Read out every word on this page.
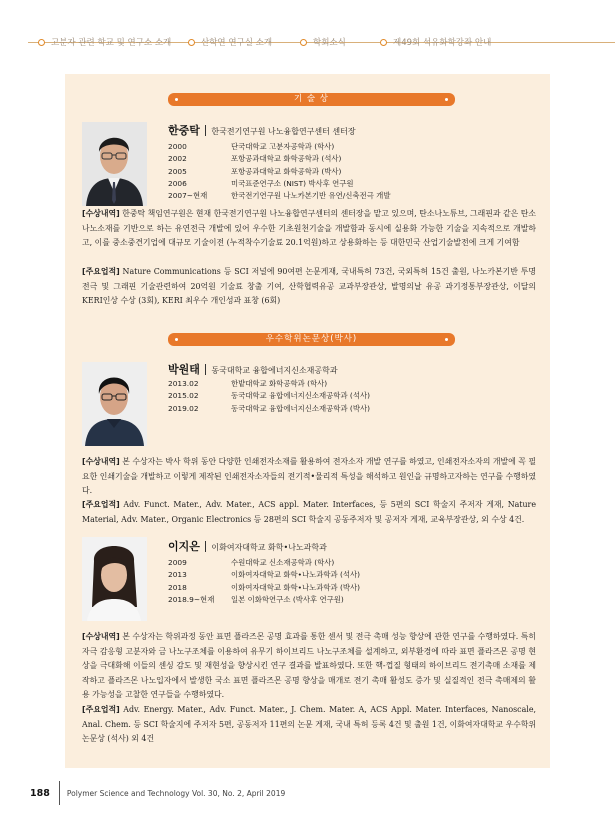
고분자 관련 학교 및 연구소 소개	산학연 연구실 소개	학회소식	제49회 석유화학강좌 안내
기 술 상
한중탁 한국전기연구원 나노융합연구센터 센터장
2000	단국대학교 고분자공학과 (학사)
2002	포항공과대학교 화학공학과 (석사)
2005	포항공과대학교 화학공학과 (박사)
2006	미국표준연구소 (NIST) 박사후 연구원
2007~현재	한국전기연구원 나노카본기반 유연/신축전극 개발
[수상내역] 한중탁 책임연구원은 현재 한국전기연구원 나노융합연구센터의 센터장을 맡고 있으며, 탄소나노튜브, 그래핀과 같은 탄소나노소재를 기반으로 하는 유연전극 개발에 있어 우수한 기초원천기술을 개발함과 동시에 실용화 가능한 기술을 지속적으로 개발하고, 이를 중소중견기업에 대규모 기술이전 (누적착수기술료 20.1억원)하고 상용화하는 등 대한민국 산업기술발전에 크게 기여함
[주요업적] Nature Communications 등 SCI 저널에 90여편 논문게재, 국내특허 73건, 국외특허 15건 출원, 나노카본기반 투명전극 및 그래핀 기술관련하여 20억원 기술료 창출 기여, 산학협력유공 교과부장관상, 발명의날 유공 과기정통부장관상, 이달의 KERI인상 수상 (3회), KERI 최우수 개인성과 표창 (6회)
우수학위논문상(박사)
박원태 동국대학교 융합에너지신소재공학과
2013.02	한밭대학교 화학공학과 (학사)
2015.02	동국대학교 융합에너지신소재공학과 (석사)
2019.02	동국대학교 융합에너지신소재공학과 (박사)
[수상내역] 본 수상자는 박사 학위 동안 다양한 인쇄전자소재를 활용하여 전자소자 개발 연구를 하였고, 인쇄전자소자의 개발에 꼭 필요한 인쇄기술을 개발하고 이렇게 제작된 인쇄전자소자들의 전기적•물리적 특성을 해석하고 원인을 규명하고자하는 연구를 수행하였다.
[주요업적] Adv. Funct. Mater., Adv. Mater., ACS appl. Mater. Interfaces, 등 5편의 SCI 학술지 주저자 게재, Nature Material, Adv. Mater., Organic Electronics 등 28편의 SCI 학술지 공동주저자 및 공저자 게재, 교육부장관상, 외 수상 4건.
이지은 이화여자대학교 화학•나노과학과
2009	수원대학교 신소재공학과 (학사)
2013	이화여자대학교 화학•나노과학과 (석사)
2018	이화여자대학교 화학•나노과학과 (박사)
2018.9~현재 일본 이화학연구소 (박사후 연구원)
[수상내역] 본 수상자는 학위과정 동안 표면 플라즈몬 공명 효과를 통한 센서 및 전극 촉매 성능 향상에 관한 연구를 수행하였다. 특히 자극 감응형 고분자와 금 나노구조체를 이용하여 유무기 하이브리드 나노구조체를 설계하고, 외부환경에 따라 표면 플라즈몬 공명 현상을 극대화해 이들의 센싱 감도 및 재현성을 향상시킨 연구 결과를 발표하였다. 또한 핵-껍질 형태의 하이브리드 전기촉매 소재를 제작하고 플라즈몬 나노입자에서 발생한 국소 표면 플라즈몬 공명 향상을 매개로 전기 촉매 활성도 증가 및 실질적인 전극 촉매제의 활용 가능성을 고찰한 연구들을 수행하였다.
[주요업적] Adv. Energy. Mater., Adv. Funct. Mater., J. Chem. Mater. A, ACS Appl. Mater. Interfaces, Nanoscale, Anal. Chem. 등 SCI 학술지에 주저자 5편, 공동저자 11편의 논문 게재, 국내 특허 등록 4건 및 출원 1건, 이화여자대학교 우수학위논문상 (석사) 외 4건
188 Polymer Science and Technology Vol. 30, No. 2, April 2019
